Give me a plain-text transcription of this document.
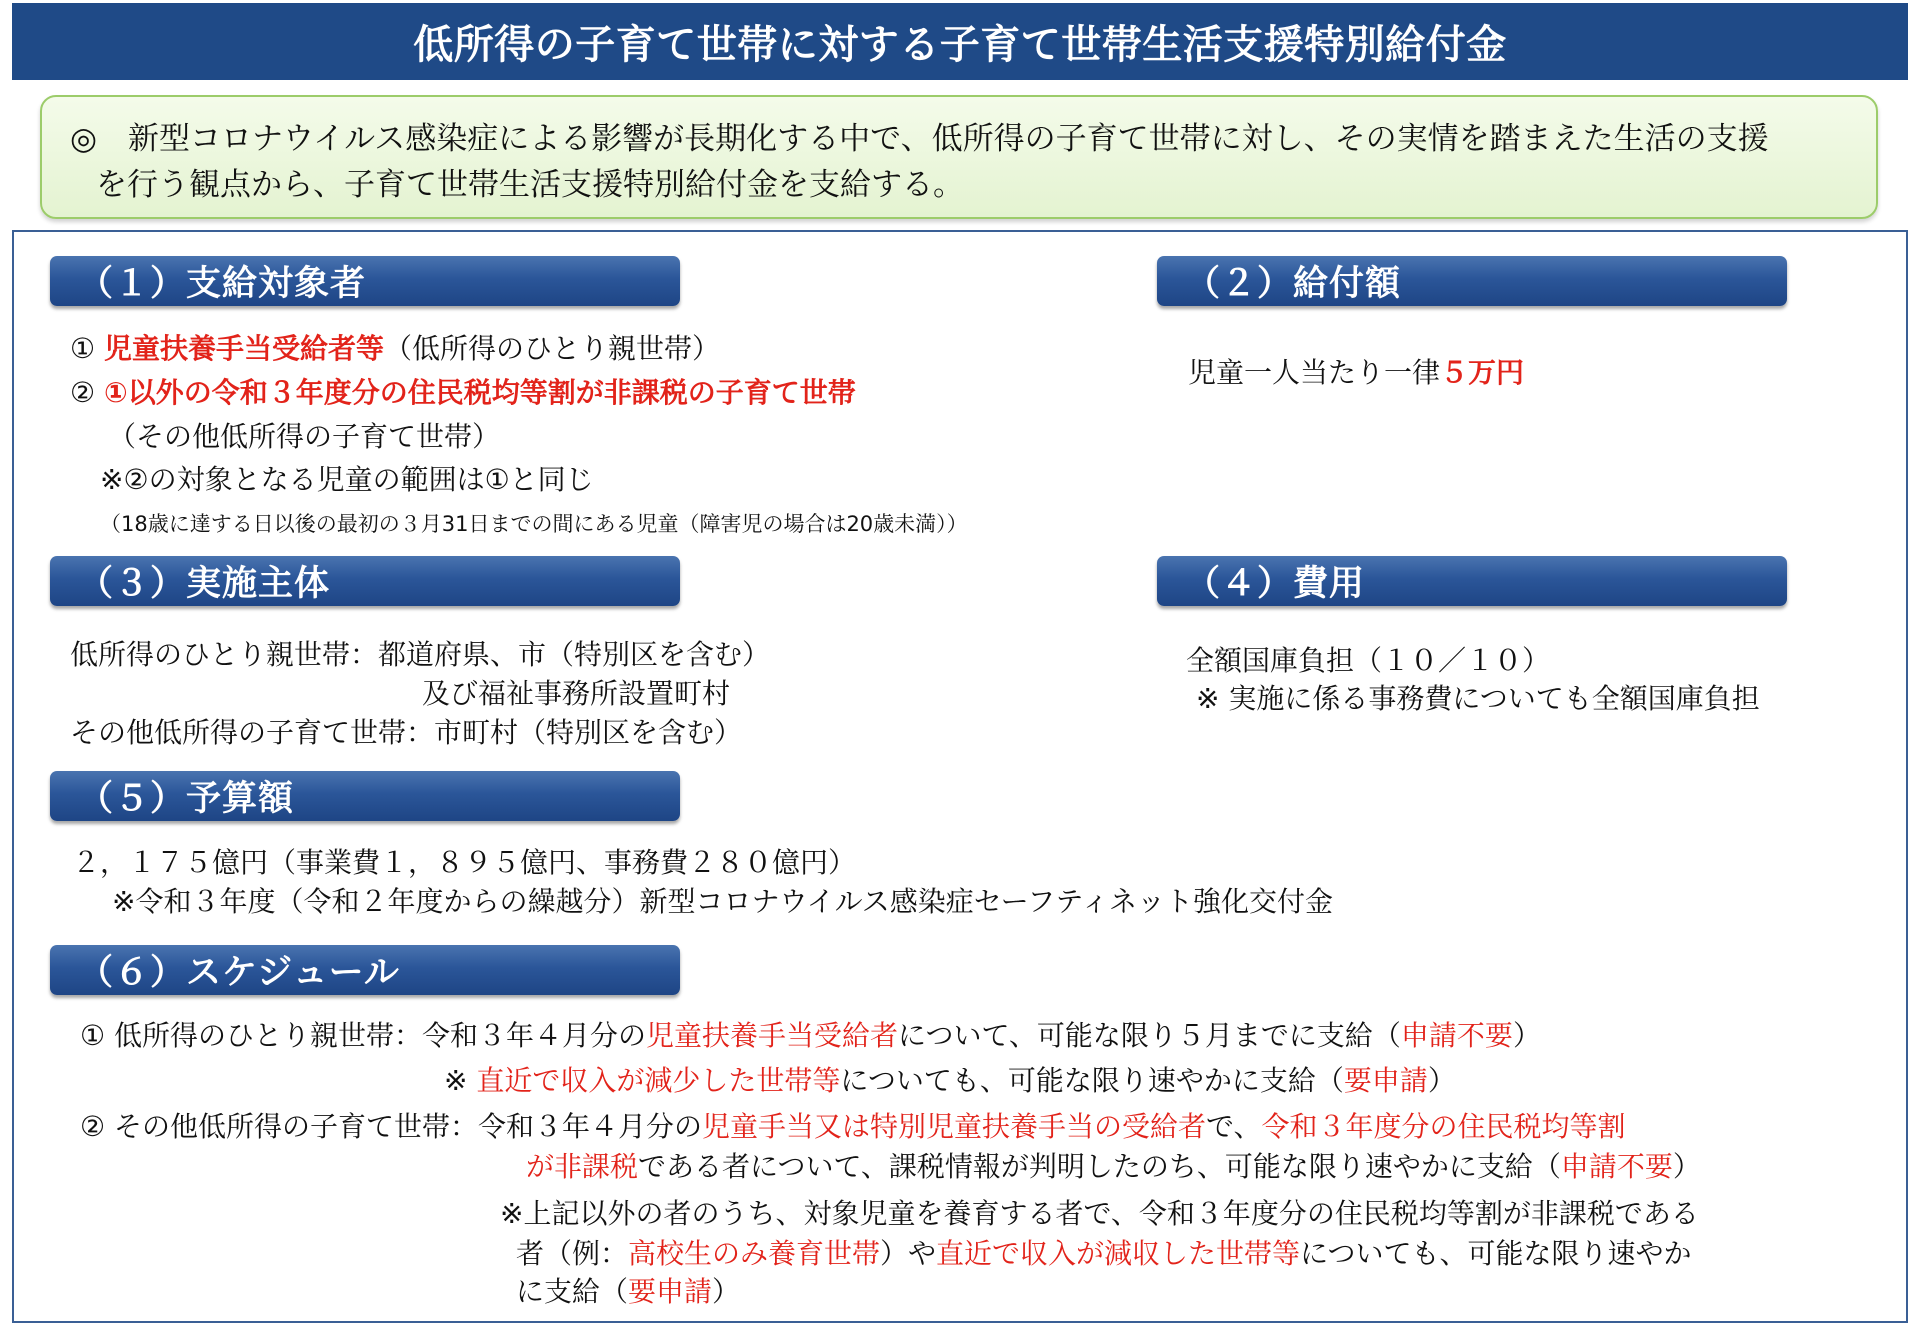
低所得の子育て世帯に対する子育て世帯生活支援特別給付金
◎　新型コロナウイルス感染症による影響が長期化する中で、低所得の子育て世帯に対し、その実情を踏まえた生活の支援
を行う観点から、子育て世帯生活支援特別給付金を支給する。
（１）支給対象者
① 児童扶養手当受給者等（低所得のひとり親世帯）
② ①以外の令和３年度分の住民税均等割が非課税の子育て世帯
（その他低所得の子育て世帯）
※②の対象となる児童の範囲は①と同じ
（18歳に達する日以後の最初の３月31日までの間にある児童（障害児の場合は20歳未満））
（２）給付額
児童一人当たり一律５万円
（３）実施主体
低所得のひとり親世帯：都道府県、市（特別区を含む）
及び福祉事務所設置町村
その他低所得の子育て世帯：市町村（特別区を含む）
（４）費用
全額国庫負担（１０／１０）
※ 実施に係る事務費についても全額国庫負担
（５）予算額
２，１７５億円（事業費１，８９５億円、事務費２８０億円）
※令和３年度（令和２年度からの繰越分）新型コロナウイルス感染症セーフティネット強化交付金
（６）スケジュール
① 低所得のひとり親世帯：令和３年４月分の児童扶養手当受給者について、可能な限り５月までに支給（申請不要）
※ 直近で収入が減少した世帯等についても、可能な限り速やかに支給（要申請）
② その他低所得の子育て世帯：令和３年４月分の児童手当又は特別児童扶養手当の受給者で、令和３年度分の住民税均等割
が非課税である者について、課税情報が判明したのち、可能な限り速やかに支給（申請不要）
※上記以外の者のうち、対象児童を養育する者で、令和３年度分の住民税均等割が非課税である
者（例：高校生のみ養育世帯）や直近で収入が減収した世帯等についても、可能な限り速やか
に支給（要申請）
